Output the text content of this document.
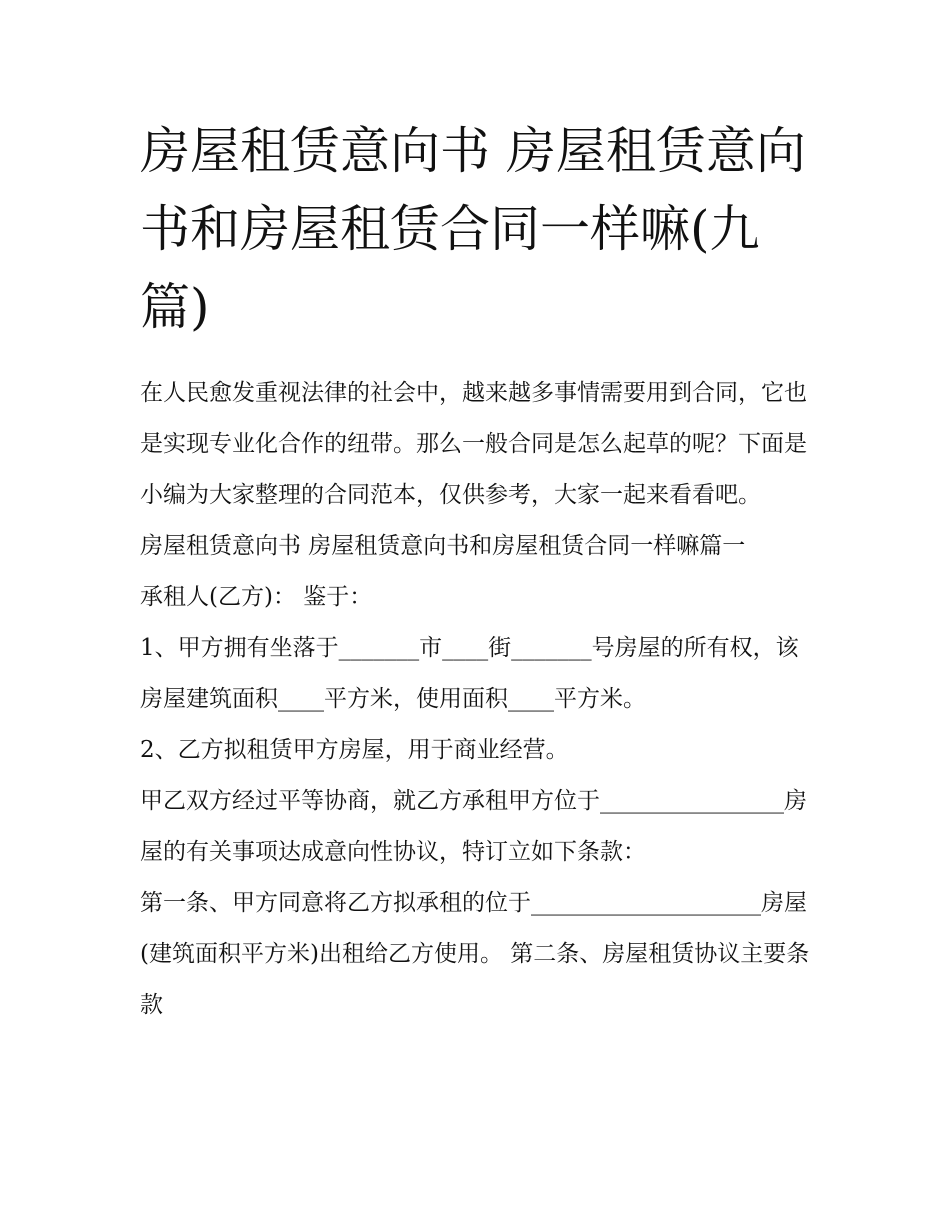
房屋租赁意向书 房屋租赁意向书和房屋租赁合同一样嘛(九篇)

在人民愈发重视法律的社会中，越来越多事情需要用到合同，它也是实现专业化合作的纽带。那么一般合同是怎么起草的呢？下面是小编为大家整理的合同范本，仅供参考，大家一起来看看吧。

房屋租赁意向书 房屋租赁意向书和房屋租赁合同一样嘛篇一

承租人(乙方)： 鉴于：

1、甲方拥有坐落于_______市____街_______号房屋的所有权，该房屋建筑面积____平方米，使用面积____平方米。

2、乙方拟租赁甲方房屋，用于商业经营。

甲乙双方经过平等协商，就乙方承租甲方位于________________房屋的有关事项达成意向性协议，特订立如下条款：

第一条、甲方同意将乙方拟承租的位于____________________房屋(建筑面积平方米)出租给乙方使用。 第二条、房屋租赁协议主要条款
